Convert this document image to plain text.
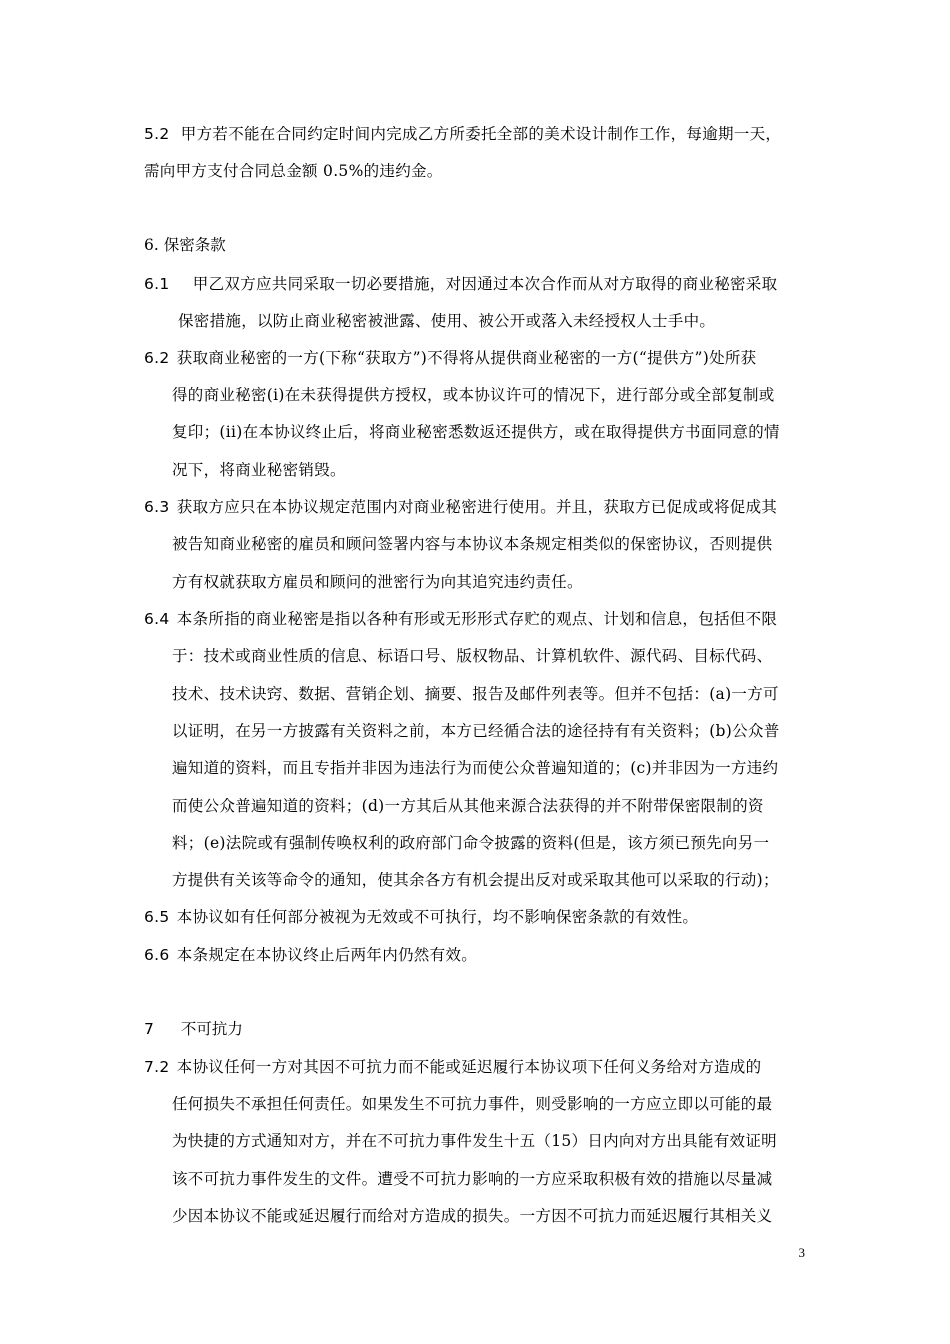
5.2 甲方若不能在合同约定时间内完成乙方所委托全部的美术设计制作工作，每逾期一天，
需向甲方支付合同总金额 0.5%的违约金。
6. 保密条款
6.1 甲乙双方应共同采取一切必要措施，对因通过本次合作而从对方取得的商业秘密采取
保密措施，以防止商业秘密被泄露、使用、被公开或落入未经授权人士手中。
6.2 获取商业秘密的一方(下称“获取方”)不得将从提供商业秘密的一方(“提供方”)处所获
得的商业秘密(i)在未获得提供方授权，或本协议许可的情况下，进行部分或全部复制或
复印；(ii)在本协议终止后，将商业秘密悉数返还提供方，或在取得提供方书面同意的情
况下，将商业秘密销毁。
6.3 获取方应只在本协议规定范围内对商业秘密进行使用。并且，获取方已促成或将促成其
被告知商业秘密的雇员和顾问签署内容与本协议本条规定相类似的保密协议，否则提供
方有权就获取方雇员和顾问的泄密行为向其追究违约责任。
6.4 本条所指的商业秘密是指以各种有形或无形形式存贮的观点、计划和信息，包括但不限
于：技术或商业性质的信息、标语口号、版权物品、计算机软件、源代码、目标代码、
技术、技术诀窍、数据、营销企划、摘要、报告及邮件列表等。但并不包括：(a)一方可
以证明，在另一方披露有关资料之前，本方已经循合法的途径持有有关资料；(b)公众普
遍知道的资料，而且专指并非因为违法行为而使公众普遍知道的；(c)并非因为一方违约
而使公众普遍知道的资料；(d)一方其后从其他来源合法获得的并不附带保密限制的资
料；(e)法院或有强制传唤权利的政府部门命令披露的资料(但是，该方须已预先向另一
方提供有关该等命令的通知，使其余各方有机会提出反对或采取其他可以采取的行动)；
6.5 本协议如有任何部分被视为无效或不可执行，均不影响保密条款的有效性。
6.6 本条规定在本协议终止后两年内仍然有效。
7 不可抗力
7.2 本协议任何一方对其因不可抗力而不能或延迟履行本协议项下任何义务给对方造成的
任何损失不承担任何责任。如果发生不可抗力事件，则受影响的一方应立即以可能的最
为快捷的方式通知对方，并在不可抗力事件发生十五（15）日内向对方出具能有效证明
该不可抗力事件发生的文件。遭受不可抗力影响的一方应采取积极有效的措施以尽量减
少因本协议不能或延迟履行而给对方造成的损失。一方因不可抗力而延迟履行其相关义
3
